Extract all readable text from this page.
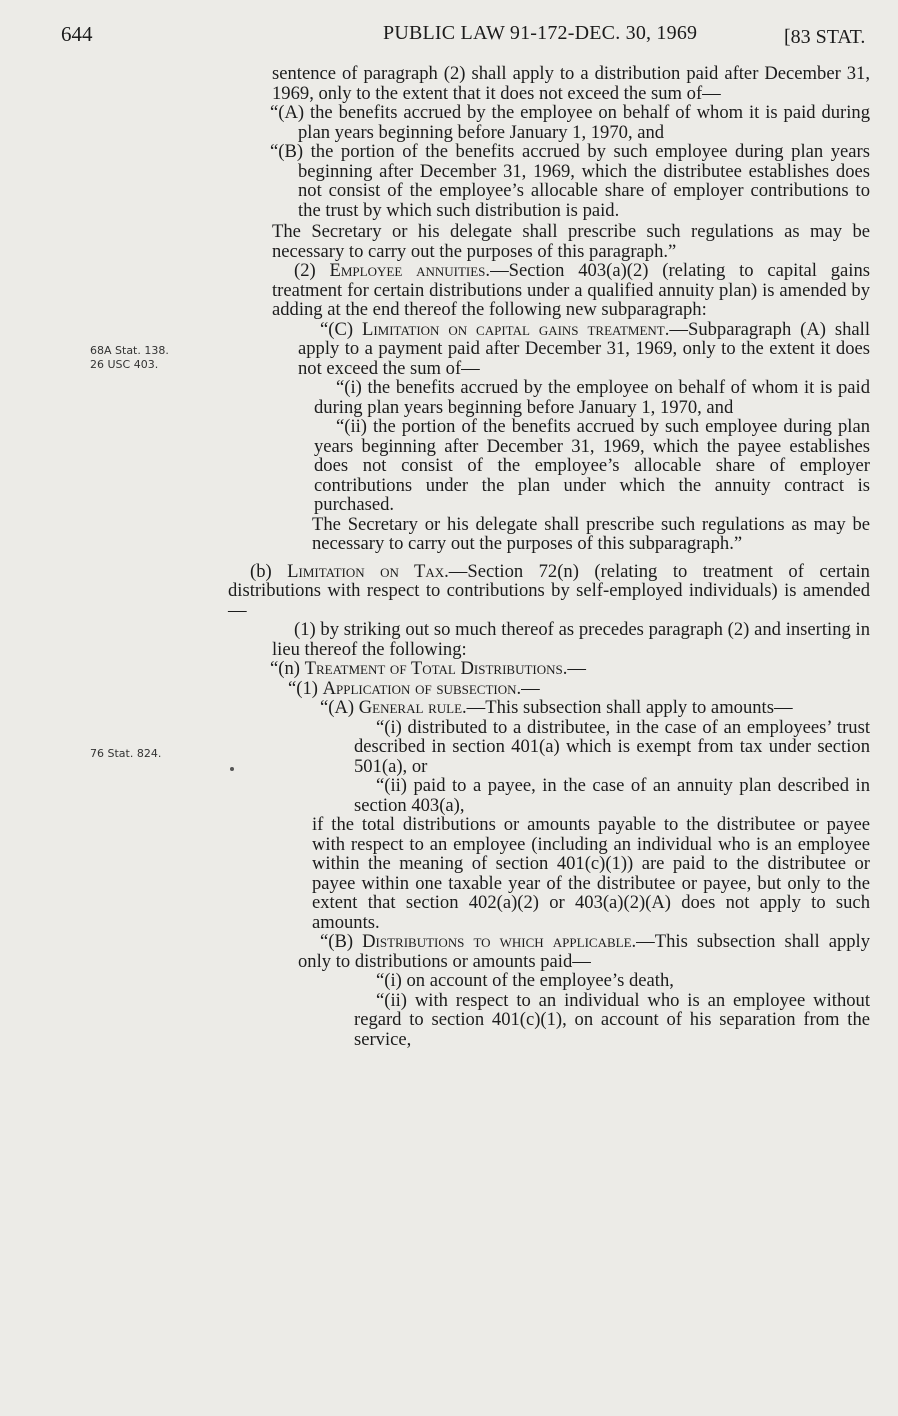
644	PUBLIC LAW 91-172-DEC. 30, 1969	[83 STAT.
68A Stat. 138.
26 USC 403.
76 Stat. 824.

sentence of paragraph (2) shall apply to a distribution paid after December 31, 1969, only to the extent that it does not exceed the sum of—

“(A) the benefits accrued by the employee on behalf of whom it is paid during plan years beginning before January 1, 1970, and

“(B) the portion of the benefits accrued by such employee during plan years beginning after December 31, 1969, which the distributee establishes does not consist of the employee’s allocable share of employer contributions to the trust by which such distribution is paid.

The Secretary or his delegate shall prescribe such regulations as may be necessary to carry out the purposes of this paragraph.”

(2) Employee annuities.—Section 403(a)(2) (relating to capital gains treatment for certain distributions under a qualified annuity plan) is amended by adding at the end thereof the following new subparagraph:

“(C) Limitation on capital gains treatment.—Subparagraph (A) shall apply to a payment paid after December 31, 1969, only to the extent it does not exceed the sum of—

“(i) the benefits accrued by the employee on behalf of whom it is paid during plan years beginning before January 1, 1970, and

“(ii) the portion of the benefits accrued by such employee during plan years beginning after December 31, 1969, which the payee establishes does not consist of the employee’s allocable share of employer contributions under the plan under which the annuity contract is purchased.

The Secretary or his delegate shall prescribe such regulations as may be necessary to carry out the purposes of this subparagraph.”

(b) Limitation on Tax.—Section 72(n) (relating to treatment of certain distributions with respect to contributions by self-employed individuals) is amended—

(1) by striking out so much thereof as precedes paragraph (2) and inserting in lieu thereof the following:

“(n) Treatment of Total Distributions.—

“(1) Application of subsection.—

“(A) General rule.—This subsection shall apply to amounts—

“(i) distributed to a distributee, in the case of an employees’ trust described in section 401(a) which is exempt from tax under section 501(a), or

“(ii) paid to a payee, in the case of an annuity plan described in section 403(a),

if the total distributions or amounts payable to the distributee or payee with respect to an employee (including an individual who is an employee within the meaning of section 401(c)(1)) are paid to the distributee or payee within one taxable year of the distributee or payee, but only to the extent that section 402(a)(2) or 403(a)(2)(A) does not apply to such amounts.

“(B) Distributions to which applicable.—This subsection shall apply only to distributions or amounts paid—

“(i) on account of the employee’s death,

“(ii) with respect to an individual who is an employee without regard to section 401(c)(1), on account of his separation from the service,
